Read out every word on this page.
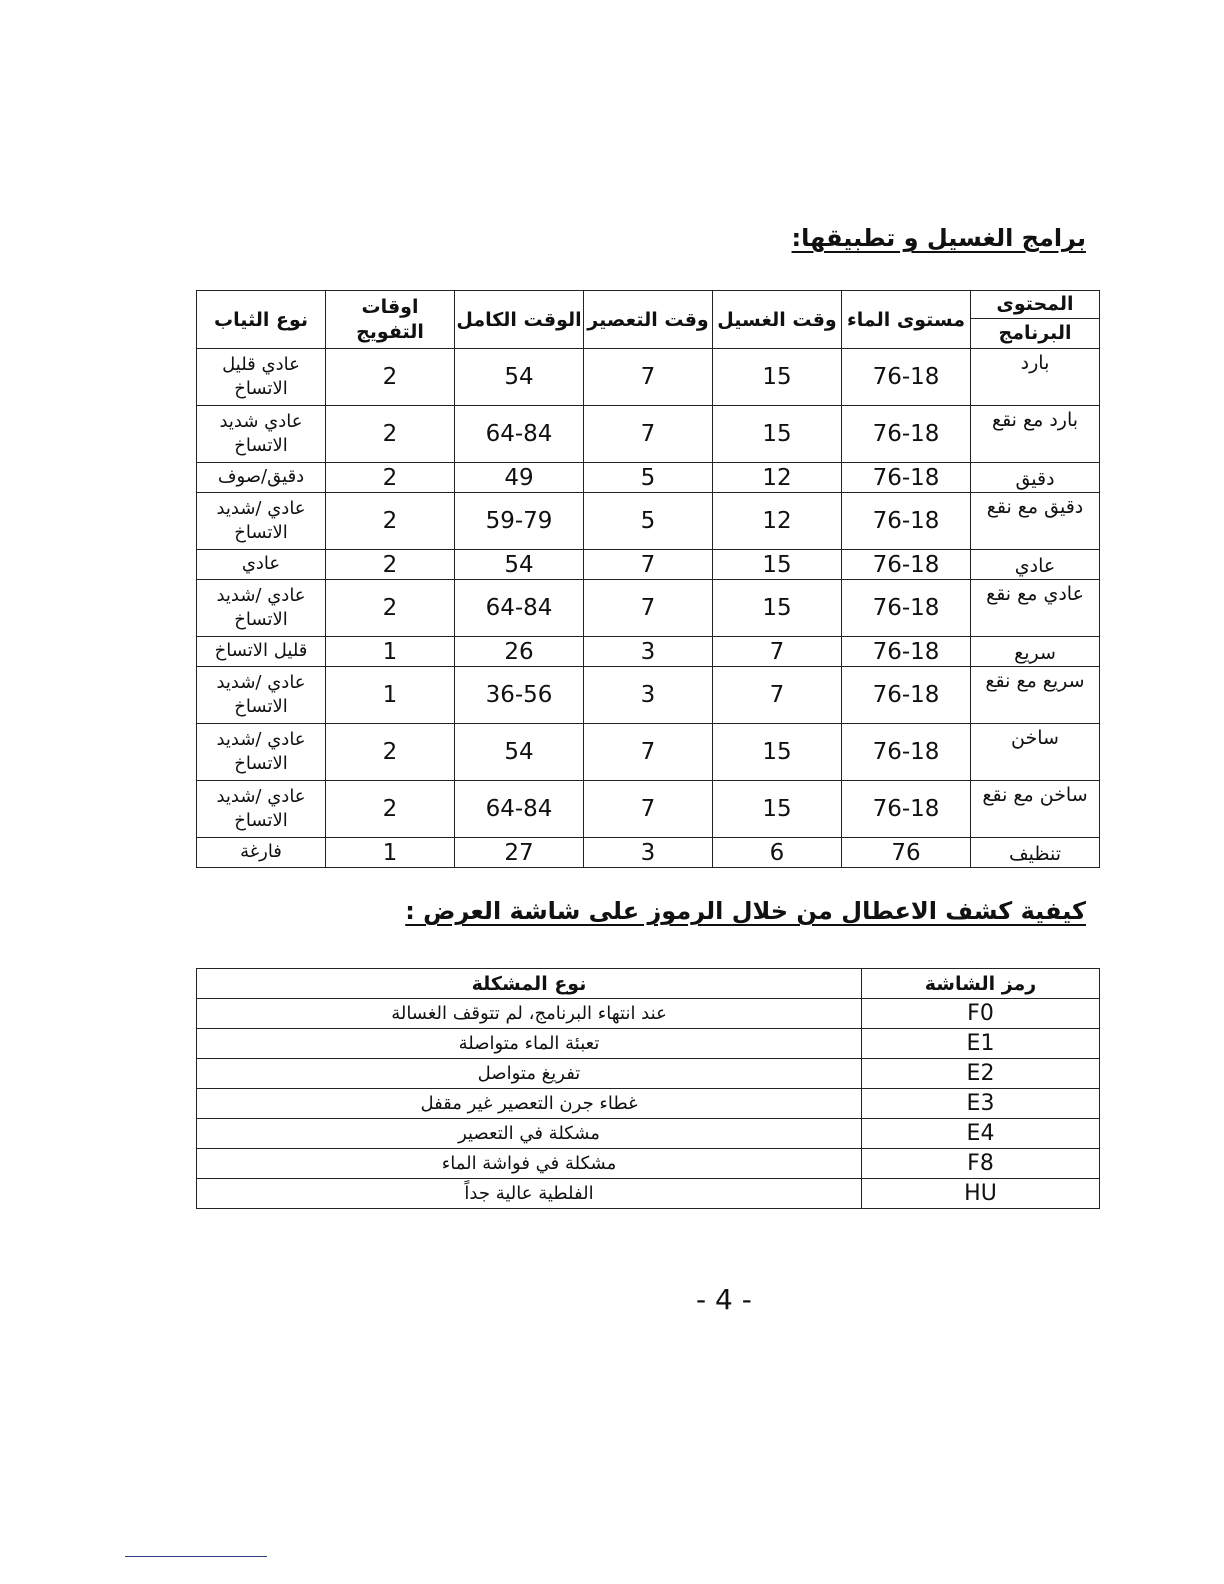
برامج الغسيل و تطبيقها:
المحتوى
البرنامج	مستوى الماء	وقت الغسيل	وقت التعصير	الوقت الكامل	اوقات التفويج	نوع الثياب
بارد	76-18	15	7	54	2	عادي قليل الاتساخ
بارد مع نقع	76-18	15	7	64-84	2	عادي شديد الاتساخ
دقيق	76-18	12	5	49	2	دقيق/صوف
دقيق مع نقع	76-18	12	5	59-79	2	عادي /شديد الاتساخ
عادي	76-18	15	7	54	2	عادي
عادي مع نقع	76-18	15	7	64-84	2	عادي /شديد الاتساخ
سريع	76-18	7	3	26	1	قليل الاتساخ
سريع مع نقع	76-18	7	3	36-56	1	عادي /شديد الاتساخ
ساخن	76-18	15	7	54	2	عادي /شديد الاتساخ
ساخن مع نقع	76-18	15	7	64-84	2	عادي /شديد الاتساخ
تنظيف	76	6	3	27	1	فارغة
كيفية كشف الاعطال من خلال الرموز على شاشة العرض :
رمز الشاشة	نوع المشكلة
F0	عند انتهاء البرنامج، لم تتوقف الغسالة
E1	تعبئة الماء متواصلة
E2	تفريغ متواصل
E3	غطاء جرن التعصير غير مقفل
E4	مشكلة في التعصير
F8	مشكلة في فواشة الماء
HU	الفلطية عالية جداً
- 4 -
